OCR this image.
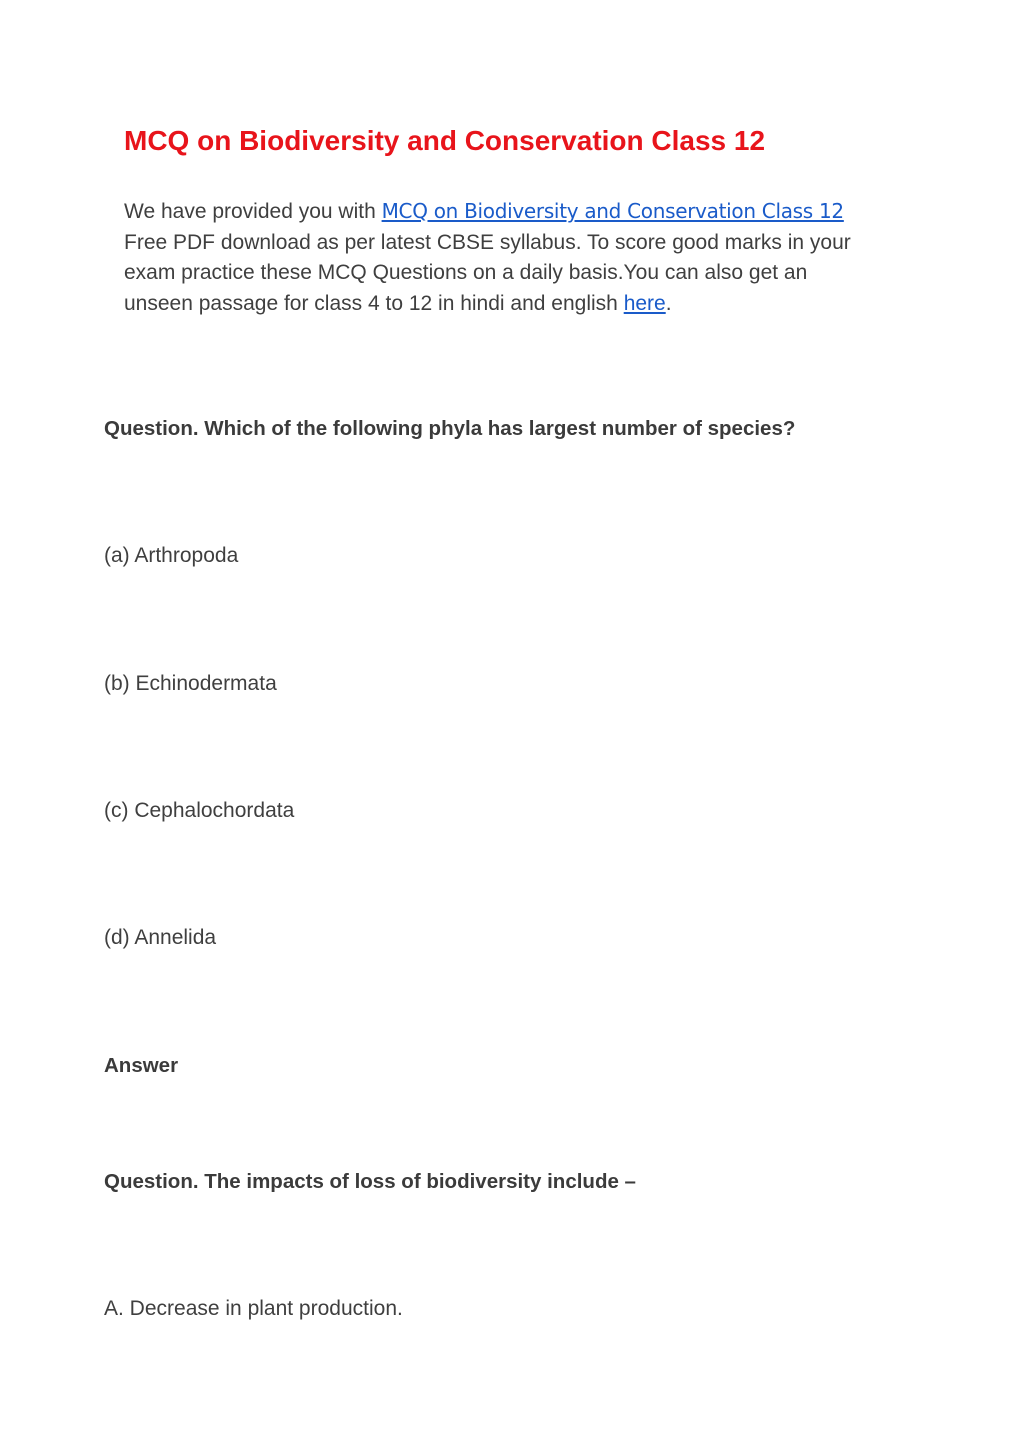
MCQ on Biodiversity and Conservation Class 12
We have provided you with MCQ on Biodiversity and Conservation Class 12
Free PDF download as per latest CBSE syllabus. To score good marks in your
exam practice these MCQ Questions on a daily basis.You can also get an
unseen passage for class 4 to 12 in hindi and english here.
Question. Which of the following phyla has largest number of species?
(a) Arthropoda
(b) Echinodermata
(c) Cephalochordata
(d) Annelida
Answer
Question. The impacts of loss of biodiversity include –
A. Decrease in plant production.
